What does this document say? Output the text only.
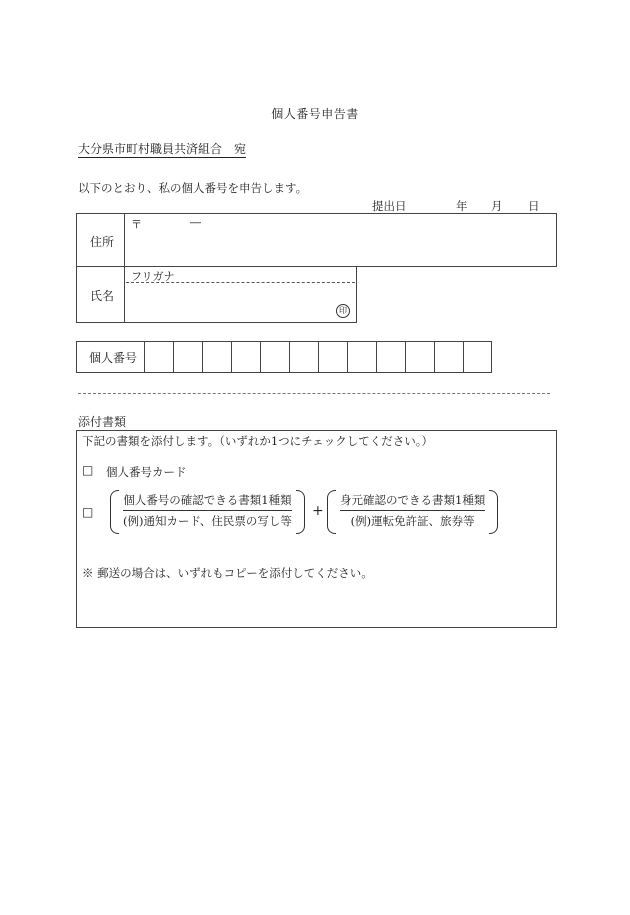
個人番号申告書
大分県市町村職員共済組合　宛
以下のとおり、私の個人番号を申告します。
提出日	年 月 日
住所
〒	―
氏名
フリガナ
印
個人番号
添付書類
下記の書類を添付します。（いずれか1つにチェックしてください。）
□ 個人番号カード
□ $\frac{\text{個人番号の確認できる書類1種類}}{\text{(例)通知カード、住民票の写し等}} + \frac{\text{身元確認のできる書類1種類}}{\text{(例)運転免許証、旅券等}}$
※ 郵送の場合は、いずれもコピーを添付してください。
